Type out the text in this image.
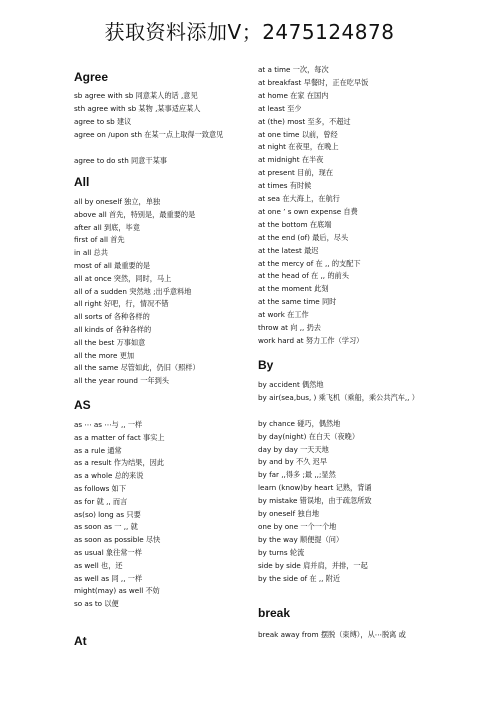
获取资料添加V；2475124878
Agree
sb agree with sb 同意某人的话 ,意见
sth agree with sb 某物 ,某事适应某人
agree to sb 建议
agree on /upon sth 在某一点上取得一致意见
agree to do sth 同意干某事
All
all by oneself 独立，单独
above all 首先，特别是，最重要的是
after all 到底，毕竟
first of all 首先
in all 总共
most of all 最重要的是
all at once 突然，同时，马上
all of a sudden 突然地 ;出乎意料地
all right 好吧，行，情况不错
all sorts of 各种各样的
all kinds of 各种各样的
all the best 万事如意
all the more 更加
all the same 尽管如此，仍旧（照样）
all the year round 一年到头
AS
as ⋯ as ⋯与 ,, 一样
as a matter of fact 事实上
as a rule 通常
as a result 作为结果，因此
as a whole 总的来说
as follows 如下
as for 就 ,, 而言
as(so) long as 只要
as soon as 一 ,, 就
as soon as possible 尽快
as usual 象往常一样
as well 也，还
as well as 同 ,, 一样
might(may) as well 不妨
so as to 以便
At
at a time 一次，每次
at breakfast 早餐时，正在吃早饭
at home 在家 在国内
at least 至少
at (the) most 至多，不超过
at one time 以前，曾经
at night 在夜里，在晚上
at midnight 在半夜
at present 目前，现在
at times 有时候
at sea 在大海上，在航行
at one ’ s own expense 自费
at the bottom 在底端
at the end (of) 最后，尽头
at the latest 最迟
at the mercy of 在 ,, 的支配下
at the head of 在 ,, 的前头
at the moment 此刻
at the same time 同时
at work 在工作
throw at 向 ,, 扔去
work hard at 努力工作（学习）
By
by accident 偶然地
by air(sea,bus, ) 乘飞机（乘船，乘公共汽车,, ）
by chance 碰巧，偶然地
by day(night) 在白天（夜晚）
day by day 一天天地
by and by 不久 迟早
by far ,,得多 ;最 ,,;显然
learn (know)by heart 记熟，背诵
by mistake 错误地，由于疏忽所致
by oneself 独自地
one by one 一个一个地
by the way 顺便提（问）
by turns 轮流
side by side 肩并肩，并排，一起
by the side of 在 ,, 附近
break
break away from 摆脱（束缚），从⋯脱离 或
